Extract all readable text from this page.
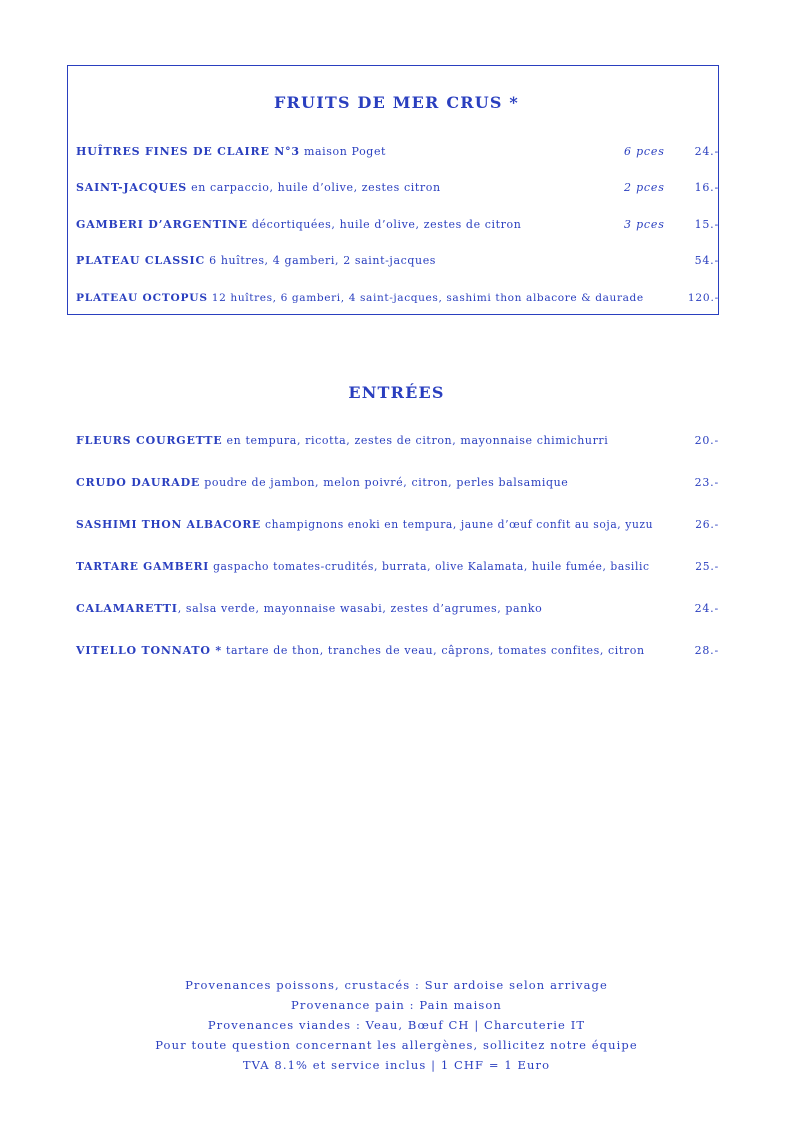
FRUITS DE MER CRUS *
HUÎTRES FINES DE CLAIRE N°3 maison Poget	6 pces	24.-
SAINT-JACQUES en carpaccio, huile d’olive, zestes citron	2 pces	16.-
GAMBERI D’ARGENTINE décortiquées, huile d’olive, zestes de citron	3 pces	15.-
PLATEAU CLASSIC 6 huîtres, 4 gamberi, 2 saint-jacques	54.-
PLATEAU OCTOPUS 12 huîtres, 6 gamberi, 4 saint-jacques, sashimi thon albacore & daurade	120.-
ENTRÉES
FLEURS COURGETTE en tempura, ricotta, zestes de citron, mayonnaise chimichurri	20.-
CRUDO DAURADE poudre de jambon, melon poivré, citron, perles balsamique	23.-
SASHIMI THON ALBACORE champignons enoki en tempura, jaune d’œuf confit au soja, yuzu	26.-
TARTARE GAMBERI gaspacho tomates-crudités, burrata, olive Kalamata, huile fumée, basilic	25.-
CALAMARETTI, salsa verde, mayonnaise wasabi, zestes d’agrumes, panko	24.-
VITELLO TONNATO * tartare de thon, tranches de veau, câprons, tomates confites, citron	28.-
Provenances poissons, crustacés : Sur ardoise selon arrivage
Provenance pain : Pain maison
Provenances viandes : Veau, Bœuf CH | Charcuterie IT
Pour toute question concernant les allergènes, sollicitez notre équipe
TVA 8.1% et service inclus | 1 CHF = 1 Euro
